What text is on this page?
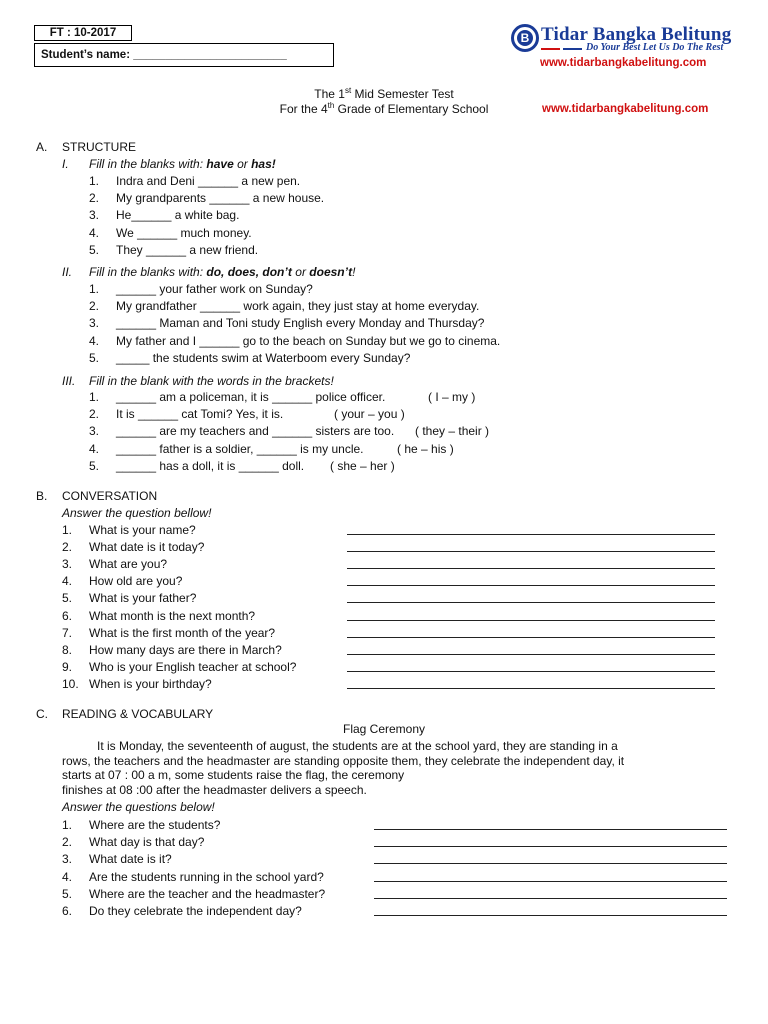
FT : 10-2017
Student’s name: ________________________
B Tidar Bangka Belitung
Do Your Best Let Us Do The Rest
www.tidarbangkabelitung.com
The 1st Mid Semester Test
For the 4th Grade of Elementary School	www.tidarbangkabelitung.com
A. STRUCTURE
I. Fill in the blanks with: have or has!
1. Indra and Deni ______ a new pen.
2. My grandparents ______ a new house.
3. He______ a white bag.
4. We ______ much money.
5. They ______ a new friend.
II. Fill in the blanks with: do, does, don’t or doesn’t!
1. ______ your father work on Sunday?
2. My grandfather ______ work again, they just stay at home everyday.
3. ______ Maman and Toni study English every Monday and Thursday?
4. My father and I ______ go to the beach on Sunday but we go to cinema.
5. _____ the students swim at Waterboom every Sunday?
III. Fill in the blank with the words in the brackets!
1. ______ am a policeman, it is ______ police officer.	( I – my )
2. It is ______ cat Tomi? Yes, it is.	( your – you )
3. ______ are my teachers and ______ sisters are too. ( they – their )
4. ______ father is a soldier, ______ is my uncle.	( he – his )
5. ______ has a doll, it is ______ doll. ( she – her )
B. CONVERSATION
Answer the question bellow!
1. What is your name?
2. What date is it today?
3. What are you?
4. How old are you?
5. What is your father?
6. What month is the next month?
7. What is the first month of the year?
8. How many days are there in March?
9. Who is your English teacher at school?
10. When is your birthday?
C. READING & VOCABULARY
Flag Ceremony
It is Monday, the seventeenth of august, the students are at the school yard, they are standing in a
rows, the teachers and the headmaster are standing opposite them, they celebrate the independent day, it
starts at 07 : 00 a m, some students raise the flag, the ceremony
finishes at 08 :00 after the headmaster delivers a speech.
Answer the questions below!
1. Where are the students?
2. What day is that day?
3. What date is it?
4. Are the students running in the school yard?
5. Where are the teacher and the headmaster?
6. Do they celebrate the independent day?
